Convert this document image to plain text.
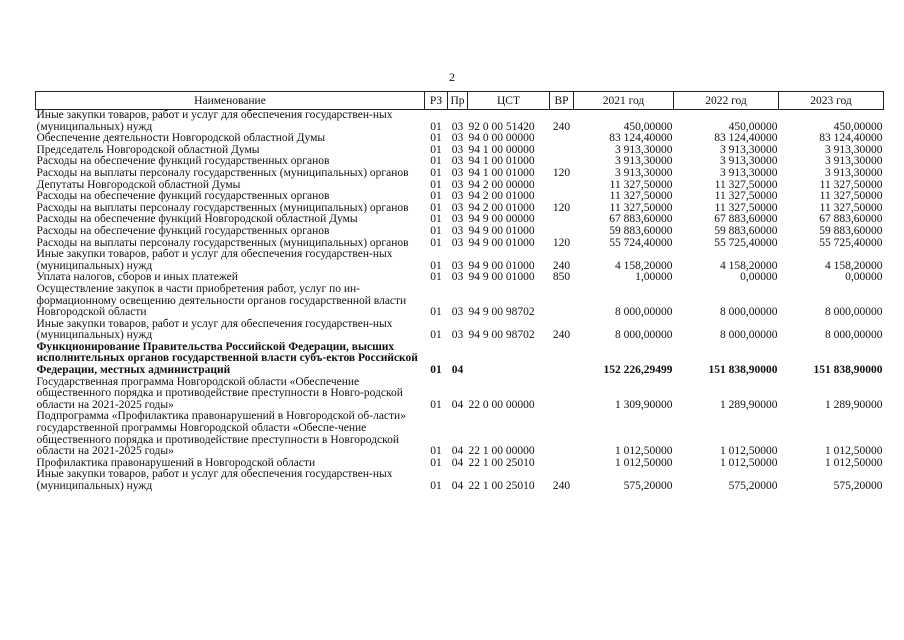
2
Наименование	РЗ	Пр	ЦСТ	ВР	2021 год	2022 год	2023 год
Иные закупки товаров, работ и услуг для обеспечения государствен-ных (муниципальных) нужд	01	03	92 0 00 51420	240	450,00000	450,00000	450,00000
Обеспечение деятельности Новгородской областной Думы	01	03	94 0 00 00000		83 124,40000	83 124,40000	83 124,40000
Председатель Новгородской областной Думы	01	03	94 1 00 00000		3 913,30000	3 913,30000	3 913,30000
Расходы на обеспечение функций государственных органов	01	03	94 1 00 01000		3 913,30000	3 913,30000	3 913,30000
Расходы на выплаты персоналу государственных (муниципальных) органов	01	03	94 1 00 01000	120	3 913,30000	3 913,30000	3 913,30000
Депутаты Новгородской областной Думы	01	03	94 2 00 00000		11 327,50000	11 327,50000	11 327,50000
Расходы на обеспечение функций государственных органов	01	03	94 2 00 01000		11 327,50000	11 327,50000	11 327,50000
Расходы на выплаты персоналу государственных (муниципальных) органов	01	03	94 2 00 01000	120	11 327,50000	11 327,50000	11 327,50000
Расходы на обеспечение функций Новгородской областной Думы	01	03	94 9 00 00000		67 883,60000	67 883,60000	67 883,60000
Расходы на обеспечение функций государственных органов	01	03	94 9 00 01000		59 883,60000	59 883,60000	59 883,60000
Расходы на выплаты персоналу государственных (муниципальных) органов	01	03	94 9 00 01000	120	55 724,40000	55 725,40000	55 725,40000
Иные закупки товаров, работ и услуг для обеспечения государствен-ных (муниципальных) нужд	01	03	94 9 00 01000	240	4 158,20000	4 158,20000	4 158,20000
Уплата налогов, сборов и иных платежей	01	03	94 9 00 01000	850	1,00000	0,00000	0,00000
Осуществление закупок в части приобретения работ, услуг по ин-формационному освещению деятельности органов государственной власти Новгородской области	01	03	94 9 00 98702		8 000,00000	8 000,00000	8 000,00000
Иные закупки товаров, работ и услуг для обеспечения государствен-ных (муниципальных) нужд	01	03	94 9 00 98702	240	8 000,00000	8 000,00000	8 000,00000
Функционирование Правительства Российской Федерации, высших исполнительных органов государственной власти субъ-ектов Российской Федерации, местных администраций	01	04			152 226,29499	151 838,90000	151 838,90000
Государственная программа Новгородской области «Обеспечение общественного порядка и противодействие преступности в Новго-родской области на 2021-2025 годы»	01	04	22 0 00 00000		1 309,90000	1 289,90000	1 289,90000
Подпрограмма «Профилактика правонарушений в Новгородской об-ласти» государственной программы Новгородской области «Обеспе-чение общественного порядка и противодействие преступности в Новгородской области на 2021-2025 годы»	01	04	22 1 00 00000		1 012,50000	1 012,50000	1 012,50000
Профилактика правонарушений в Новгородской области	01	04	22 1 00 25010		1 012,50000	1 012,50000	1 012,50000
Иные закупки товаров, работ и услуг для обеспечения государствен-ных (муниципальных) нужд	01	04	22 1 00 25010	240	575,20000	575,20000	575,20000
